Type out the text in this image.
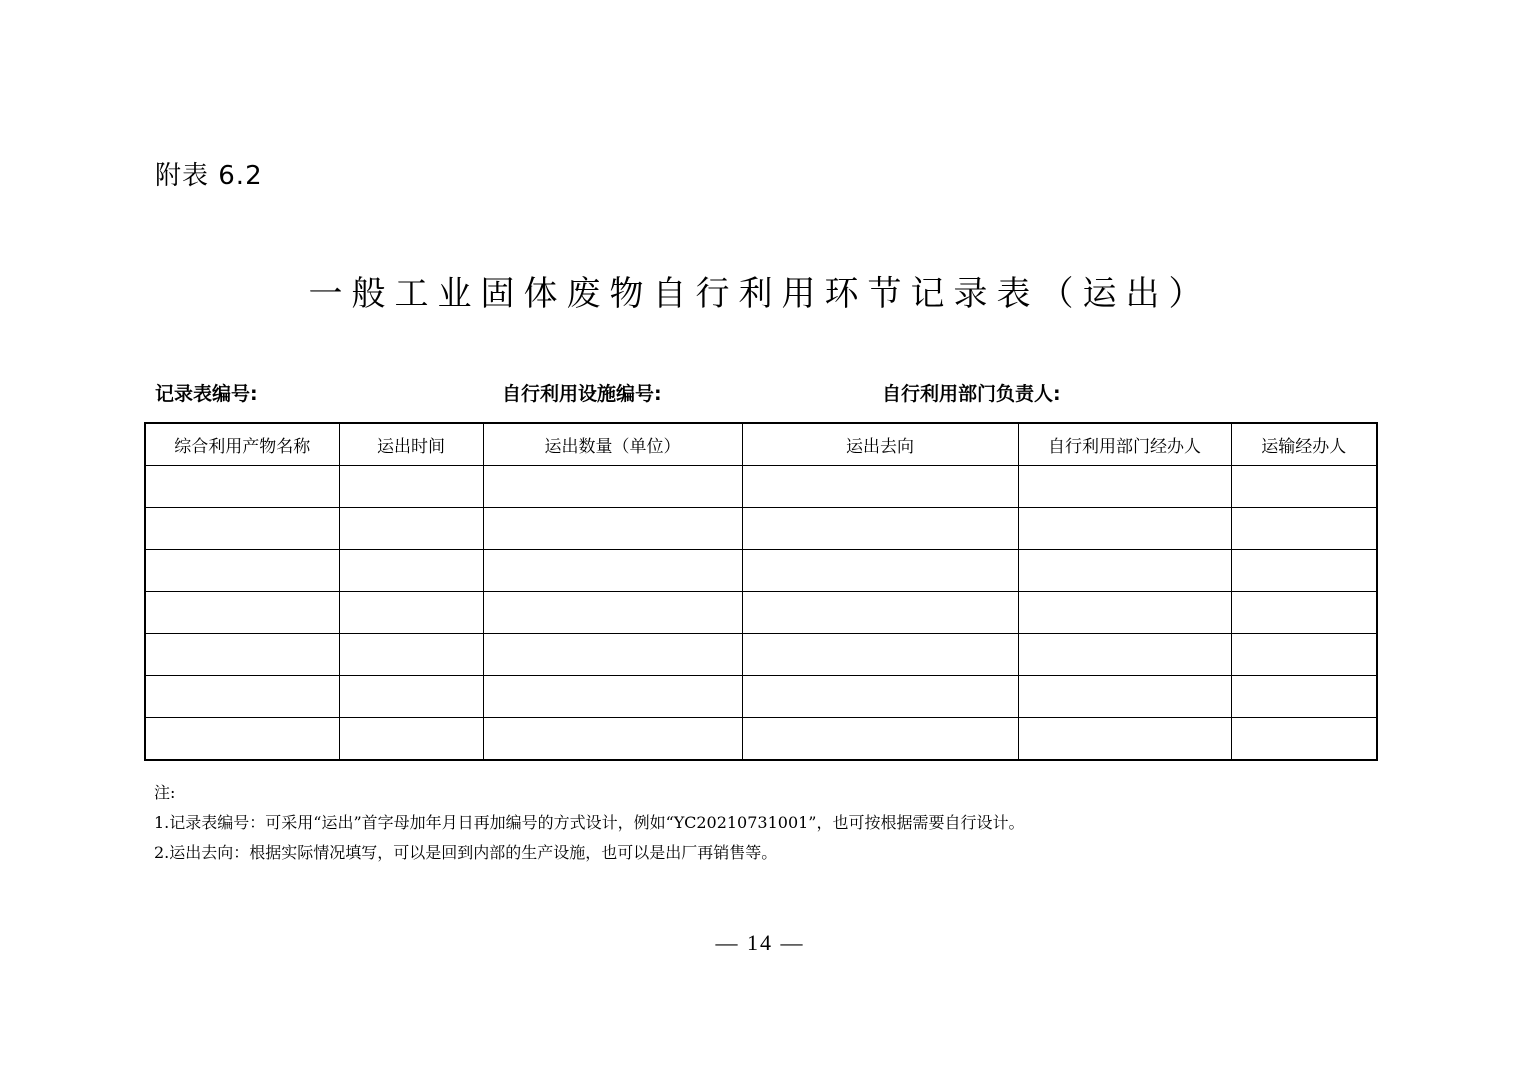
附表 6.2
一般工业固体废物自行利用环节记录表（运出）
记录表编号:	自行利用设施编号:	自行利用部门负责人:
综合利用产物名称	运出时间	运出数量（单位）	运出去向	自行利用部门经办人	运输经办人

注:
1.记录表编号：可采用“运出”首字母加年月日再加编号的方式设计，例如“YC20210731001”，也可按根据需要自行设计。
2.运出去向：根据实际情况填写，可以是回到内部的生产设施，也可以是出厂再销售等。
— 14 —
